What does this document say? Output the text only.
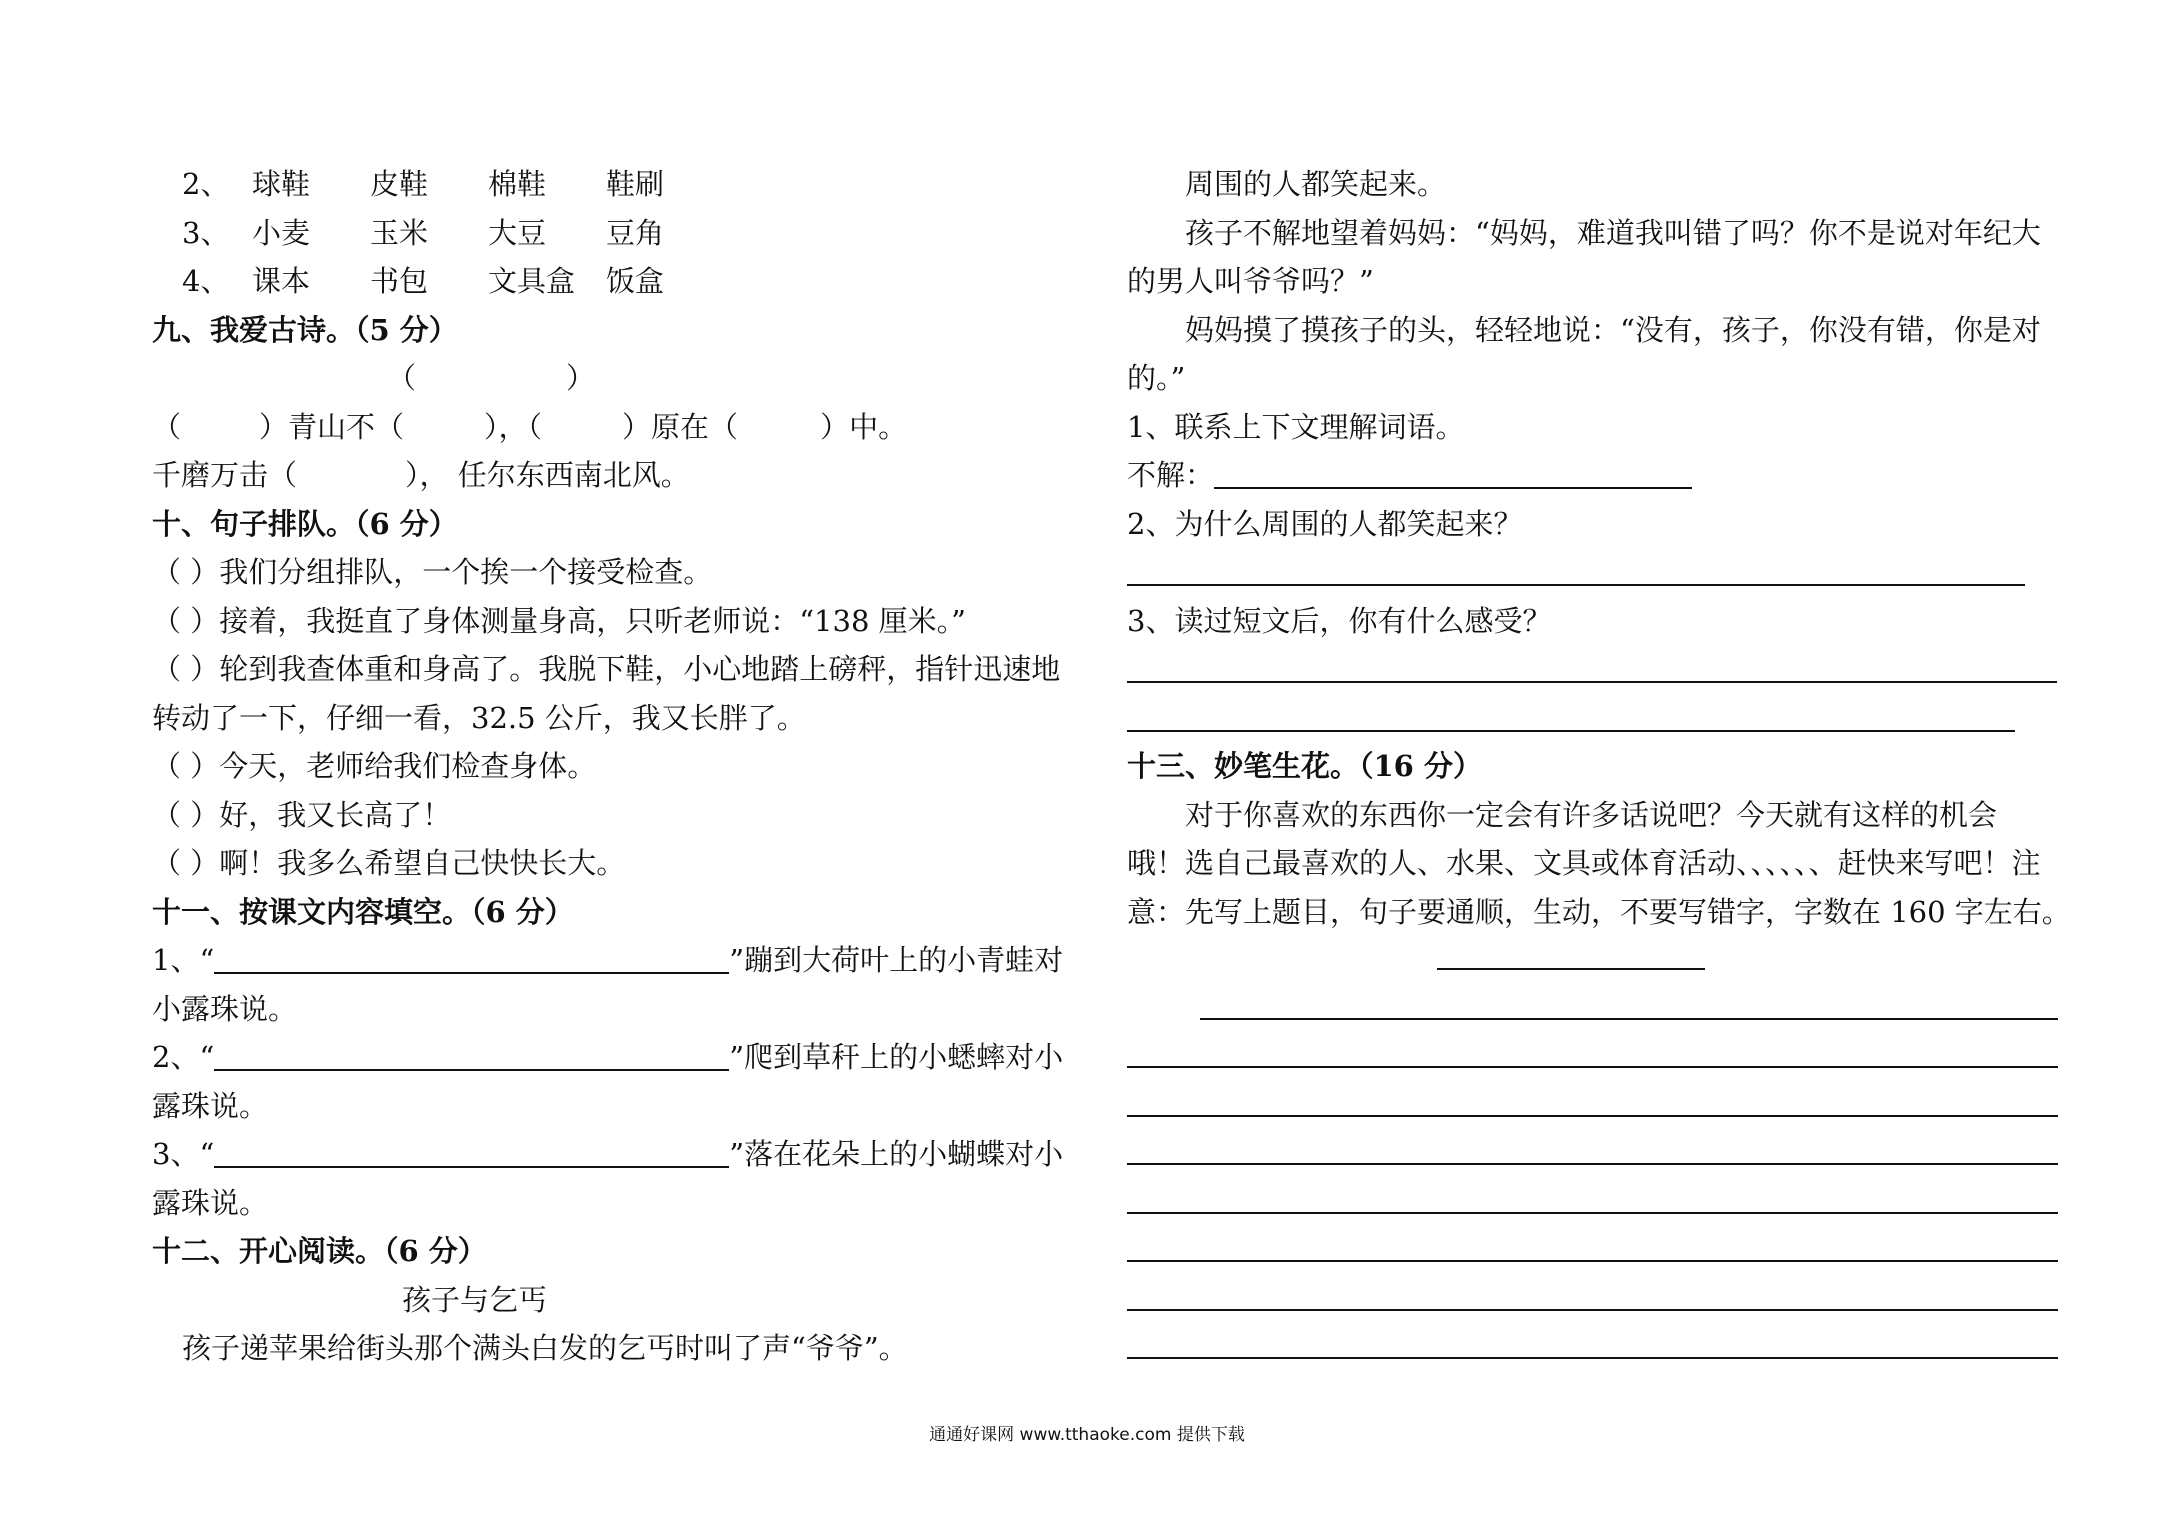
2、 球鞋 皮鞋 棉鞋 鞋刷
3、 小麦 玉米 大豆 豆角
4、 课本 书包 文具盒 饭盒
九、我爱古诗。（5 分）
（	）
（	）青山不（	），（	）原在（	）中。
千磨万击（	）， 任尔东西南北风。
十、句子排队。（6 分）
（ ）我们分组排队，一个挨一个接受检查。
（ ）接着，我挺直了身体测量身高，只听老师说：“138 厘米。”
（ ）轮到我查体重和身高了。我脱下鞋，小心地踏上磅秤，指针迅速地
转动了一下，仔细一看，32.5 公斤，我又长胖了。
（ ）今天，老师给我们检查身体。
（ ）好，我又长高了！
（ ）啊！我多么希望自己快快长大。
十一、按课文内容填空。（6 分）
1、“	”蹦到大荷叶上的小青蛙对
小露珠说。
2、“	”爬到草秆上的小蟋蟀对小
露珠说。
3、“	”落在花朵上的小蝴蝶对小
露珠说。
十二、开心阅读。（6 分）
孩子与乞丐
孩子递苹果给街头那个满头白发的乞丐时叫了声“爷爷”。
周围的人都笑起来。
孩子不解地望着妈妈：“妈妈，难道我叫错了吗？你不是说对年纪大
的男人叫爷爷吗？”
妈妈摸了摸孩子的头，轻轻地说：“没有，孩子，你没有错，你是对
的。”
1、联系上下文理解词语。
不解：
2、为什么周围的人都笑起来？
3、读过短文后，你有什么感受？
十三、妙笔生花。（16 分）
对于你喜欢的东西你一定会有许多话说吧？今天就有这样的机会
哦！选自己最喜欢的人、水果、文具或体育活动、、、、、、赶快来写吧！注
意：先写上题目，句子要通顺，生动，不要写错字，字数在 160 字左右。
通通好课网 www.tthaoke.com 提供下载
